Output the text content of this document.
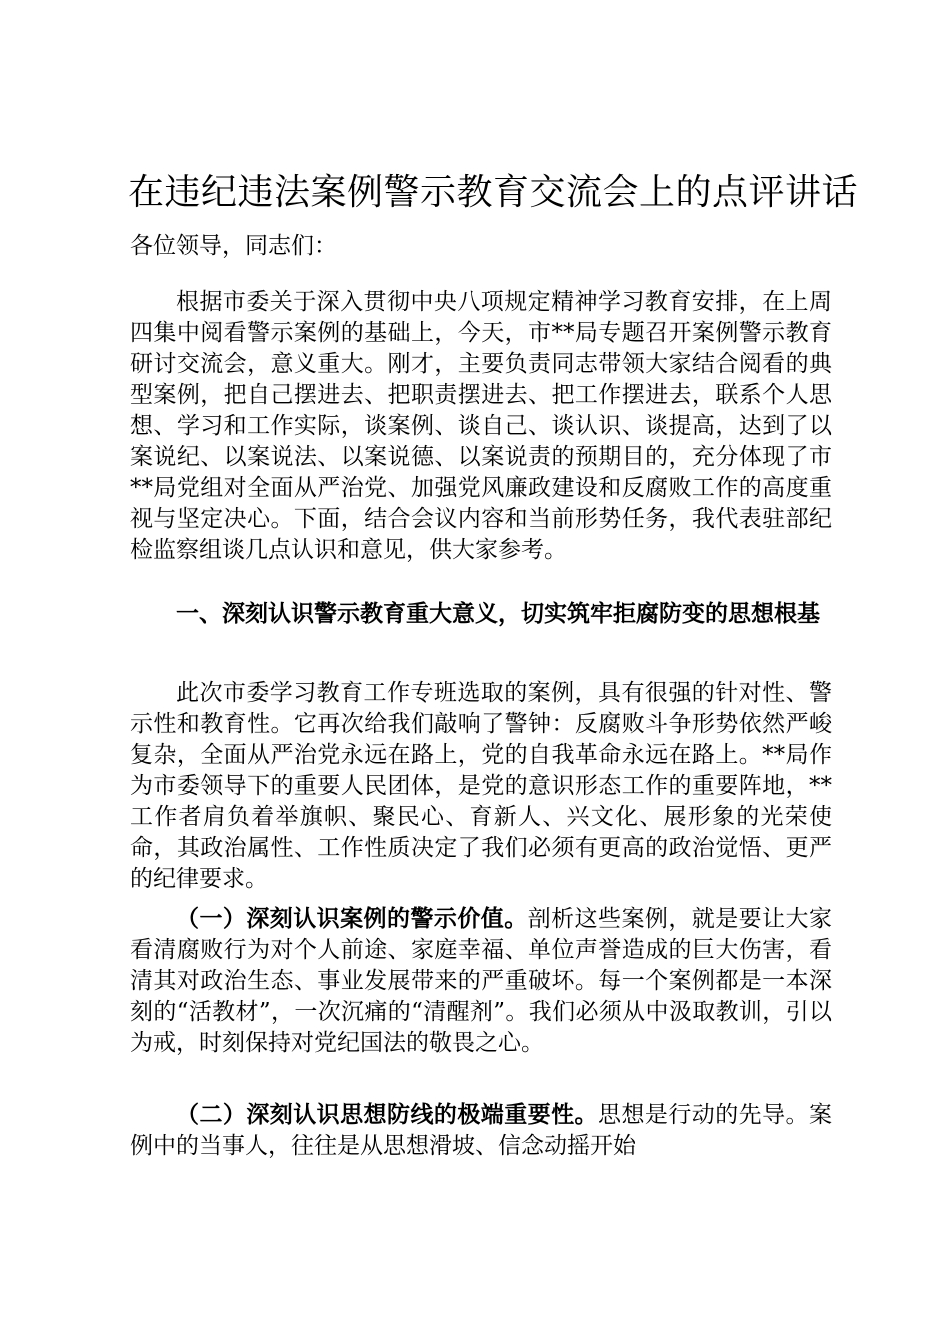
在违纪违法案例警示教育交流会上的点评讲话
各位领导，同志们：

根据市委关于深入贯彻中央八项规定精神学习教育安排，在上周四集中阅看警示案例的基础上，今天，市**局专题召开案例警示教育研讨交流会，意义重大。刚才，主要负责同志带领大家结合阅看的典型案例，把自己摆进去、把职责摆进去、把工作摆进去，联系个人思想、学习和工作实际，谈案例、谈自己、谈认识、谈提高，达到了以案说纪、以案说法、以案说德、以案说责的预期目的，充分体现了市**局党组对全面从严治党、加强党风廉政建设和反腐败工作的高度重视与坚定决心。下面，结合会议内容和当前形势任务，我代表驻部纪检监察组谈几点认识和意见，供大家参考。

一、深刻认识警示教育重大意义，切实筑牢拒腐防变的思想根基

此次市委学习教育工作专班选取的案例，具有很强的针对性、警示性和教育性。它再次给我们敲响了警钟：反腐败斗争形势依然严峻复杂，全面从严治党永远在路上，党的自我革命永远在路上。**局作为市委领导下的重要人民团体，是党的意识形态工作的重要阵地，**工作者肩负着举旗帜、聚民心、育新人、兴文化、展形象的光荣使命，其政治属性、工作性质决定了我们必须有更高的政治觉悟、更严的纪律要求。

（一）深刻认识案例的警示价值。剖析这些案例，就是要让大家看清腐败行为对个人前途、家庭幸福、单位声誉造成的巨大伤害，看清其对政治生态、事业发展带来的严重破坏。每一个案例都是一本深刻的“活教材”，一次沉痛的“清醒剂”。我们必须从中汲取教训，引以为戒，时刻保持对党纪国法的敬畏之心。

（二）深刻认识思想防线的极端重要性。思想是行动的先导。案例中的当事人，往往是从思想滑坡、信念动摇开始
